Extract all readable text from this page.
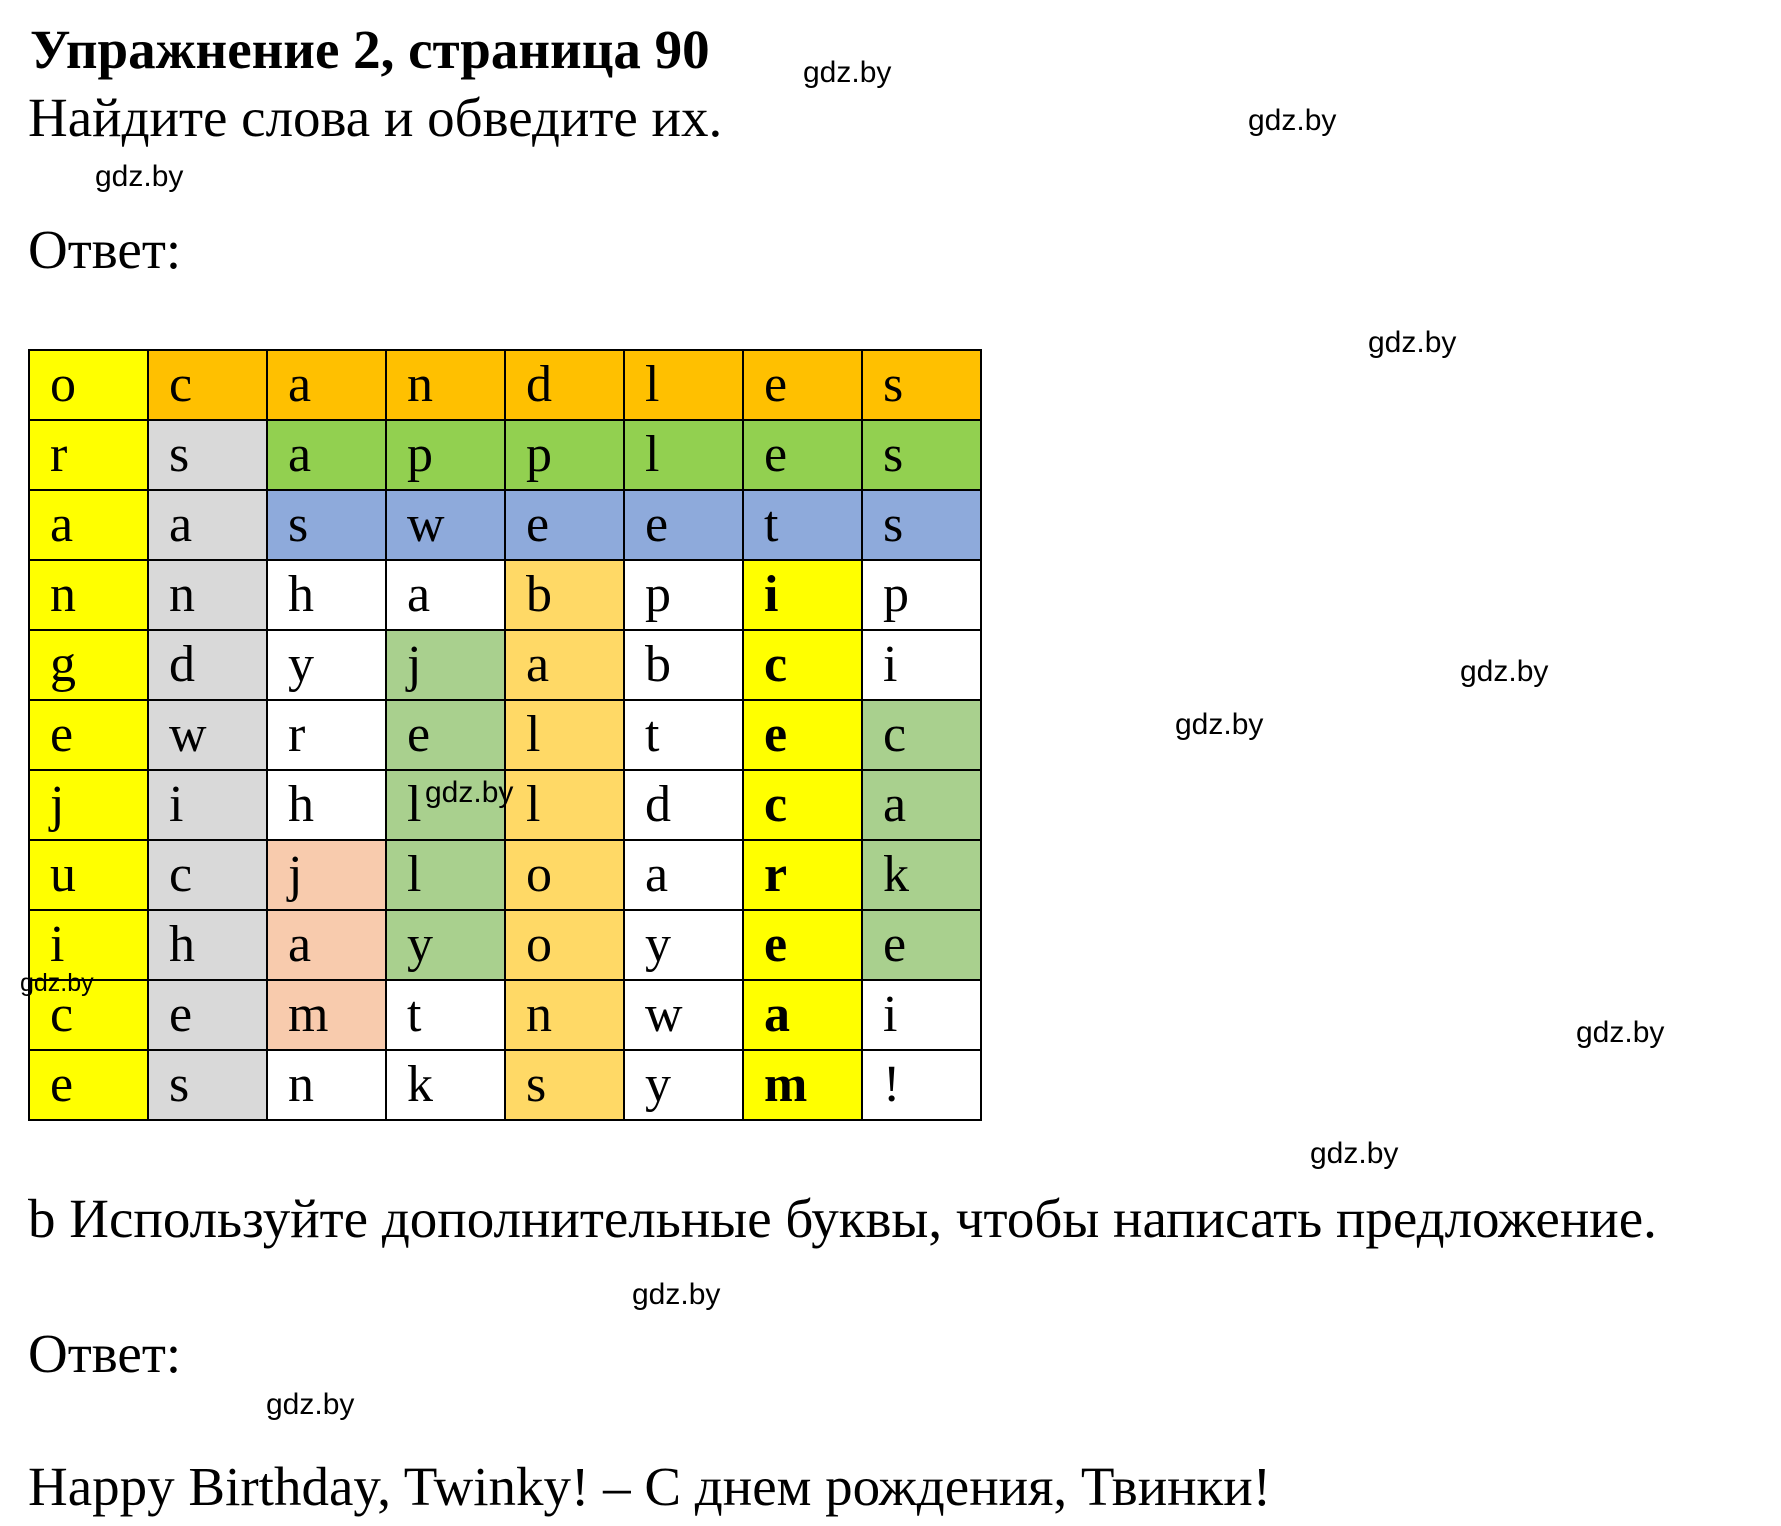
Упражнение 2, страница 90
Найдите слова и обведите их.
Ответ:
o	c	a	n	d	l	e	s
r	s	a	p	p	l	e	s
a	a	s	w	e	e	t	s
n	n	h	a	b	p	i	p
g	d	y	j	a	b	c	i
e	w	r	e	l	t	e	c
j	i	h	l	l	d	c	a
u	c	j	l	o	a	r	k
i	h	a	y	o	y	e	e
c	e	m	t	n	w	a	i
e	s	n	k	s	y	m	!
b Используйте дополнительные буквы, чтобы написать предложение.
Ответ:
Happy Birthday, Twinky! – С днем рождения, Твинки!
gdz.by
gdz.by
gdz.by
gdz.by
gdz.by
gdz.by
gdz.by
gdz.by
gdz.by
gdz.by
gdz.by
gdz.by
